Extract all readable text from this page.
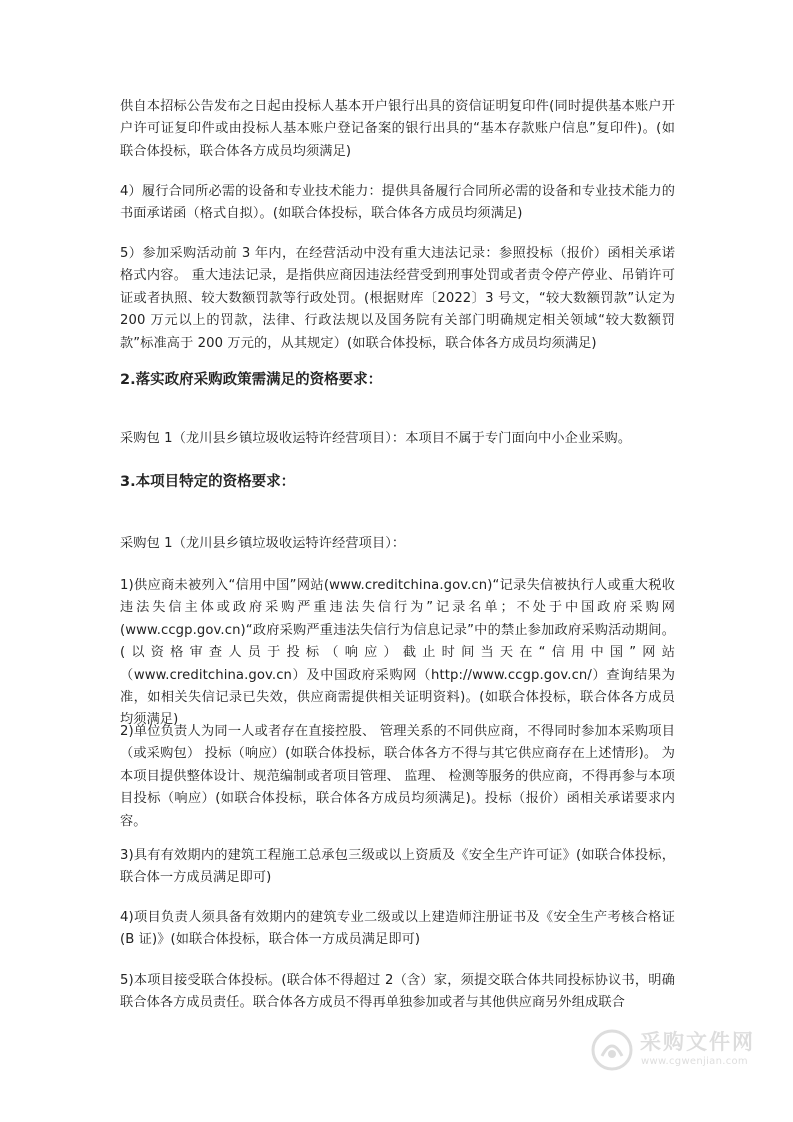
供自本招标公告发布之日起由投标人基本开户银行出具的资信证明复印件(同时提供基本账户开户许可证复印件或由投标人基本账户登记备案的银行出具的“基本存款账户信息”复印件)。(如联合体投标，联合体各方成员均须满足)

4）履行合同所必需的设备和专业技术能力：提供具备履行合同所必需的设备和专业技术能力的书面承诺函（格式自拟）。(如联合体投标，联合体各方成员均须满足)

5）参加采购活动前 3 年内，在经营活动中没有重大违法记录：参照投标（报价）函相关承诺格式内容。 重大违法记录，是指供应商因违法经营受到刑事处罚或者责令停产停业、吊销许可证或者执照、较大数额罚款等行政处罚。(根据财库〔2022〕3 号文，“较大数额罚款”认定为 200 万元以上的罚款，法律、行政法规以及国务院有关部门明确规定相关领域“较大数额罚款”标准高于 200 万元的，从其规定）(如联合体投标，联合体各方成员均须满足)

2.落实政府采购政策需满足的资格要求：

采购包 1（龙川县乡镇垃圾收运特许经营项目）：本项目不属于专门面向中小企业采购。

3.本项目特定的资格要求：

采购包 1（龙川县乡镇垃圾收运特许经营项目）：

1)供应商未被列入“信用中国”网站(www.creditchina.gov.cn)“记录失信被执行人或重大税收违法失信主体或政府采购严重违法失信行为”记录名单；不处于中国政府采购网(www.ccgp.gov.cn)“政府采购严重违法失信行为信息记录”中的禁止参加政府采购活动期间。(以资格审查人员于投标（响应）截止时间当天在“信用中国”网站（www.creditchina.gov.cn）及中国政府采购网（http://www.ccgp.gov.cn/）查询结果为准，如相关失信记录已失效，供应商需提供相关证明资料)。(如联合体投标，联合体各方成员均须满足)

2)单位负责人为同一人或者存在直接控股、 管理关系的不同供应商，不得同时参加本采购项目（或采购包） 投标（响应）(如联合体投标，联合体各方不得与其它供应商存在上述情形)。 为本项目提供整体设计、规范编制或者项目管理、 监理、 检测等服务的供应商，不得再参与本项目投标（响应）(如联合体投标，联合体各方成员均须满足)。投标（报价）函相关承诺要求内容。

3)具有有效期内的建筑工程施工总承包三级或以上资质及《安全生产许可证》(如联合体投标，联合体一方成员满足即可)

4)项目负责人须具备有效期内的建筑专业二级或以上建造师注册证书及《安全生产考核合格证(B 证)》(如联合体投标，联合体一方成员满足即可)

5)本项目接受联合体投标。(联合体不得超过 2（含）家，须提交联合体共同投标协议书，明确联合体各方成员责任。联合体各方成员不得再单独参加或者与其他供应商另外组成联合

采购文件网
www.cgwenjian.com
